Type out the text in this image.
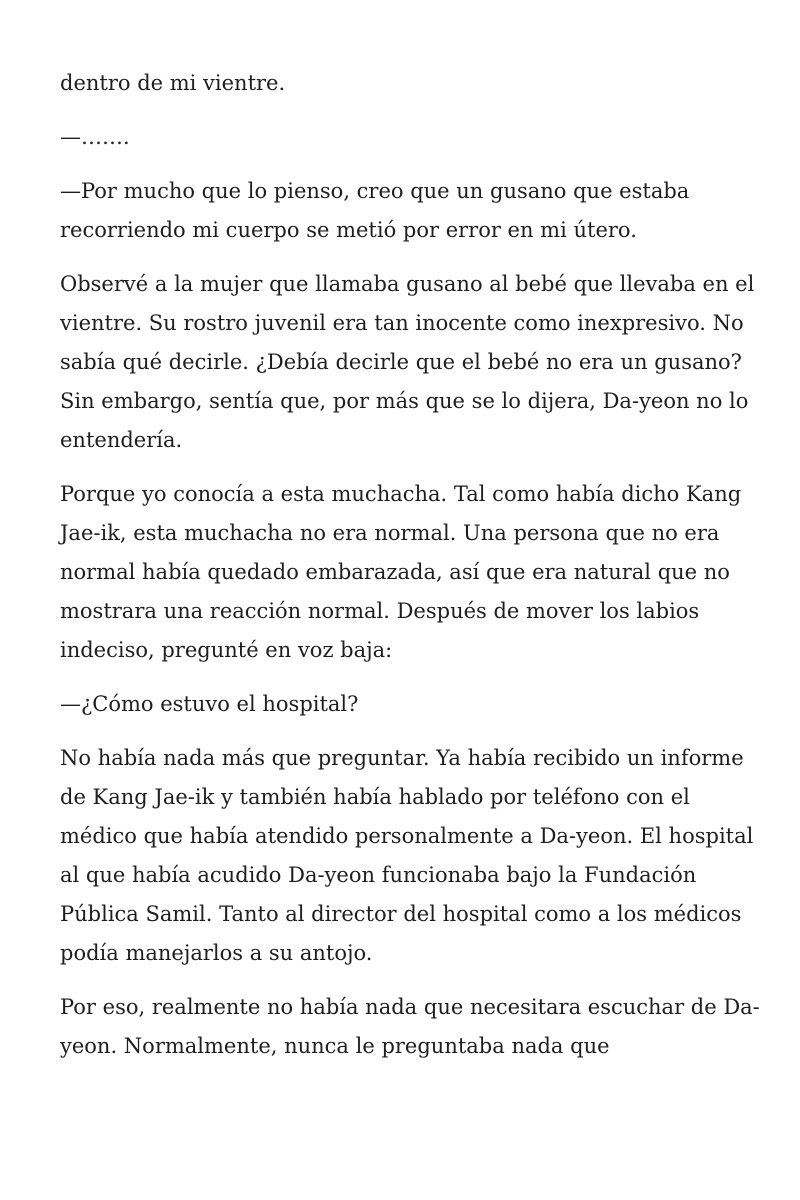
dentro de mi vientre.

—…….

—Por mucho que lo pienso, creo que un gusano que estaba recorriendo mi cuerpo se metió por error en mi útero.

Observé a la mujer que llamaba gusano al bebé que llevaba en el vientre. Su rostro juvenil era tan inocente como inexpresivo. No sabía qué decirle. ¿Debía decirle que el bebé no era un gusano? Sin embargo, sentía que, por más que se lo dijera, Da-yeon no lo entendería.

Porque yo conocía a esta muchacha. Tal como había dicho Kang Jae-ik, esta muchacha no era normal. Una persona que no era normal había quedado embarazada, así que era natural que no mostrara una reacción normal. Después de mover los labios indeciso, pregunté en voz baja:

—¿Cómo estuvo el hospital?

No había nada más que preguntar. Ya había recibido un informe de Kang Jae-ik y también había hablado por teléfono con el médico que había atendido personalmente a Da-yeon. El hospital al que había acudido Da-yeon funcionaba bajo la Fundación Pública Samil. Tanto al director del hospital como a los médicos podía manejarlos a su antojo.

Por eso, realmente no había nada que necesitara escuchar de Da-yeon. Normalmente, nunca le preguntaba nada que
